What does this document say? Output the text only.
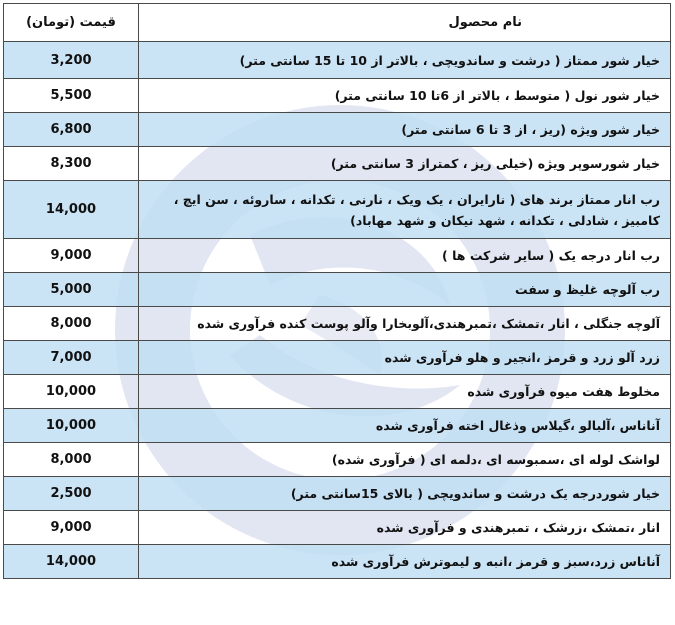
نام محصول	قیمت (تومان)
خیار شور ممتاز ( درشت و ساندویچی ، بالاتر از 10 تا 15 سانتی متر)	3,200
خیار شور نول ( متوسط ، بالاتر از 6تا 10 سانتی متر)	5,500
خیار شور ویژه (ریز ، از 3 تا 6 سانتی متر)	6,800
خیار شورسوپر ویژه (خیلی ریز ، کمتراز 3 سانتی متر)	8,300
رب انار ممتاز برند های ( نارایران ، یک ویک ، نارنی ، تکدانه ، ساروئه ، سن ایچ ، کامبیز ، شادلی ، تکدانه ، شهد نیکان و شهد مهاباد)	14,000
رب انار درجه یک ( سایر شرکت ها )	9,000
رب آلوچه غلیظ و سفت	5,000
آلوچه جنگلی ، انار ،تمشک ،تمبرهندی،آلوبخارا وآلو پوست کنده فرآوری شده	8,000
زرد آلو زرد و قرمز ،انجیر و هلو فرآوری شده	7,000
مخلوط هفت میوه فرآوری شده	10,000
آناناس ،آلبالو ،گیلاس وذغال اخته فرآوری شده	10,000
لواشک لوله ای ،سمبوسه ای ،دلمه ای ( فرآوری شده)	8,000
خیار شوردرجه یک درشت و ساندویچی ( بالای 15سانتی متر)	2,500
انار ،تمشک ،زرشک ، تمبرهندی و فرآوری شده	9,000
آناناس زرد،سبز و قرمز ،انبه و لیموترش فرآوری شده	14,000
